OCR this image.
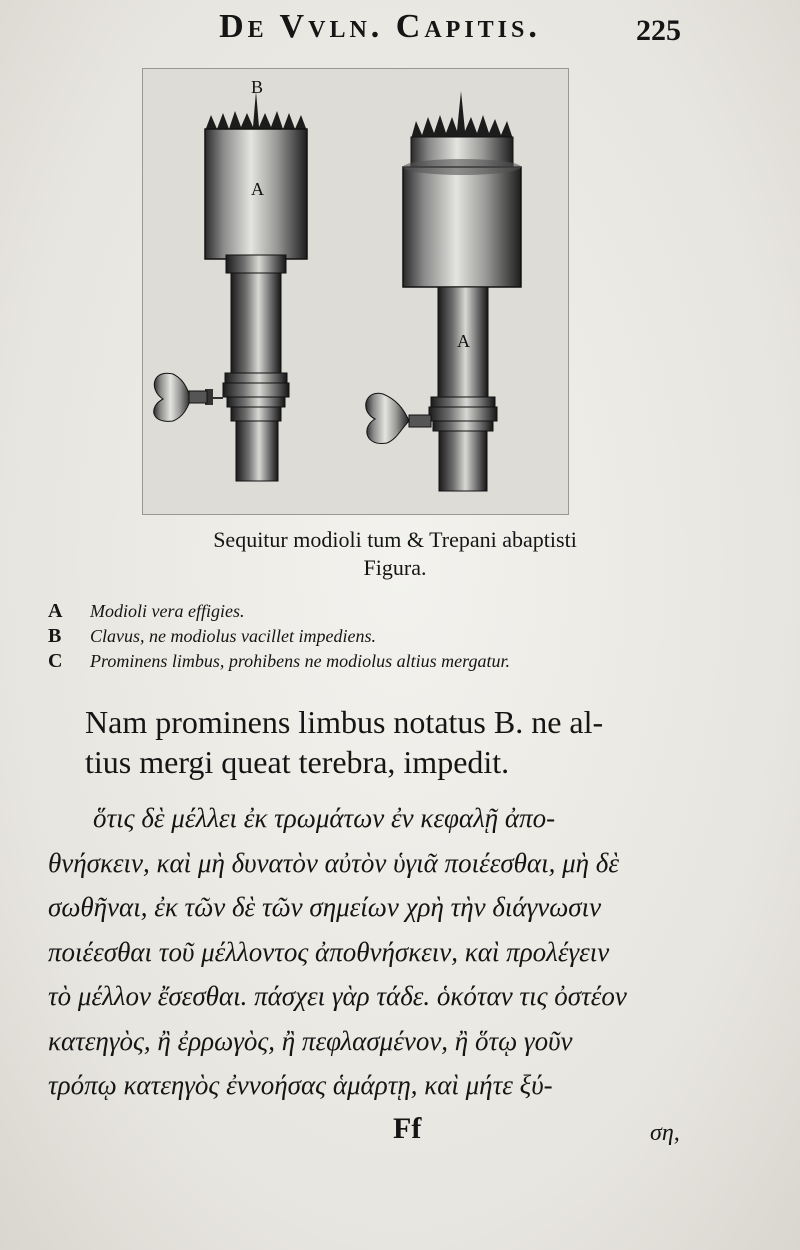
De Vvln. Capitis.	225
B
A
A
Sequitur modioli tum & Trepani abaptisti
Figura.
A	Modioli vera effigies.
B	Clavus, ne modiolus vacillet impediens.
C	Prominens limbus, prohibens ne modiolus altius mergatur.
Nam prominens limbus notatus B. ne al-
tius mergi queat terebra, impedit.
ὅτις δὲ μέλλει ἐκ τρωμάτων ἐν κεφαλῇ ἀπο-
θνήσκειν, καὶ μὴ δυνατὸν αὐτὸν ὑγιᾶ ποιέεσθαι, μὴ δὲ
σωθῆναι, ἐκ τῶν δὲ τῶν σημείων χρὴ τὴν διάγνωσιν
ποιέεσθαι τοῦ μέλλοντος ἀποθνήσκειν, καὶ προλέγειν
τὸ μέλλον ἔσεσθαι. πάσχει γὰρ τάδε. ὁκόταν τις ὀστέον
κατεηγὸς, ἢ ἐρρωγὸς, ἢ πεφλασμένον, ἢ ὅτῳ γοῦν
τρόπῳ κατεηγὸς ἐννοήσας ἁμάρτῃ, καὶ μήτε ξύ-
Ff	ση,
